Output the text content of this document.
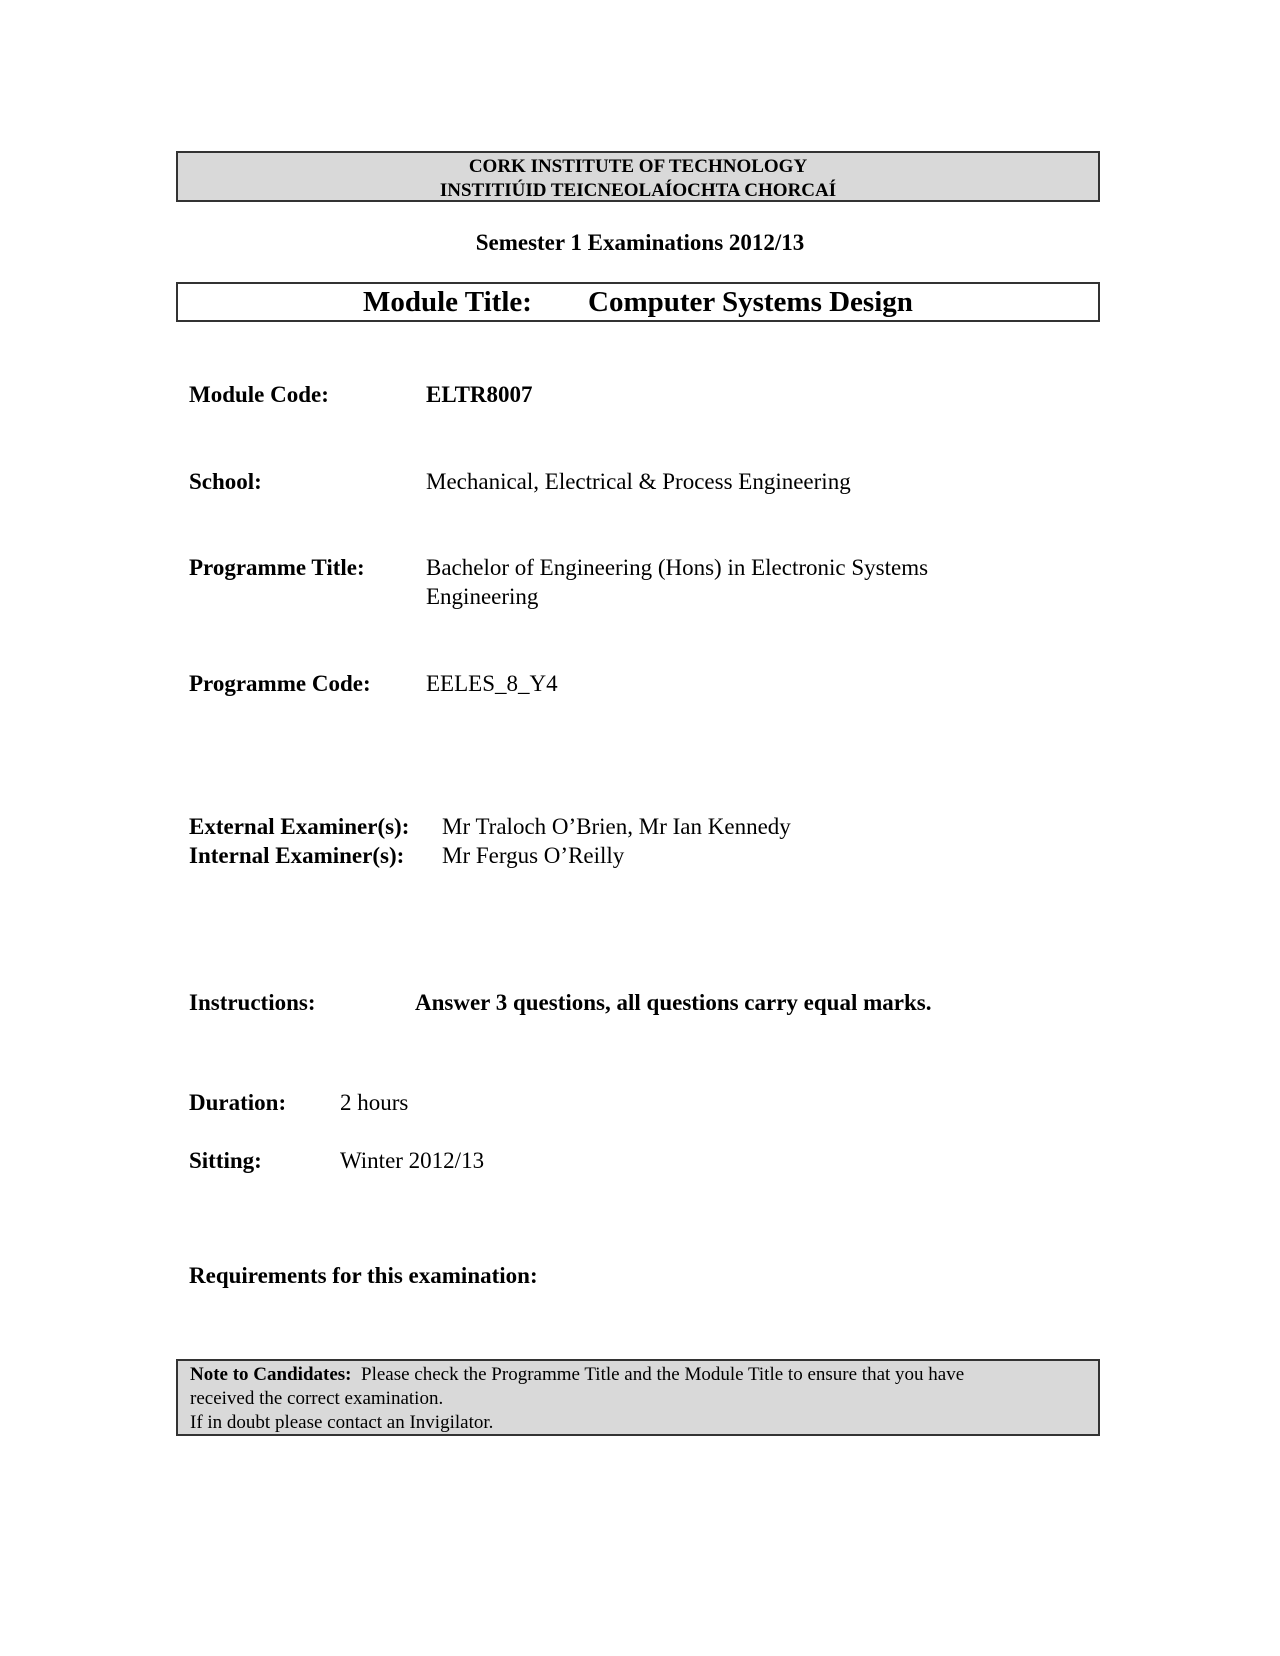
CORK INSTITUTE OF TECHNOLOGY
INSTITIÚID TEICNEOLAÍOCHTA CHORCAÍ
Semester 1 Examinations 2012/13
Module Title: Computer Systems Design
Module Code:	ELTR8007
School:	Mechanical, Electrical & Process Engineering
Programme Title:	Bachelor of Engineering (Hons) in Electronic Systems
Engineering
Programme Code: EELES_8_Y4
External Examiner(s): Mr Traloch O’Brien, Mr Ian Kennedy
Internal Examiner(s): Mr Fergus O’Reilly
Instructions:	Answer 3 questions, all questions carry equal marks.
Duration: 2 hours
Sitting:	Winter 2012/13
Requirements for this examination:
Note to Candidates: Please check the Programme Title and the Module Title to ensure that you have
received the correct examination.
If in doubt please contact an Invigilator.
